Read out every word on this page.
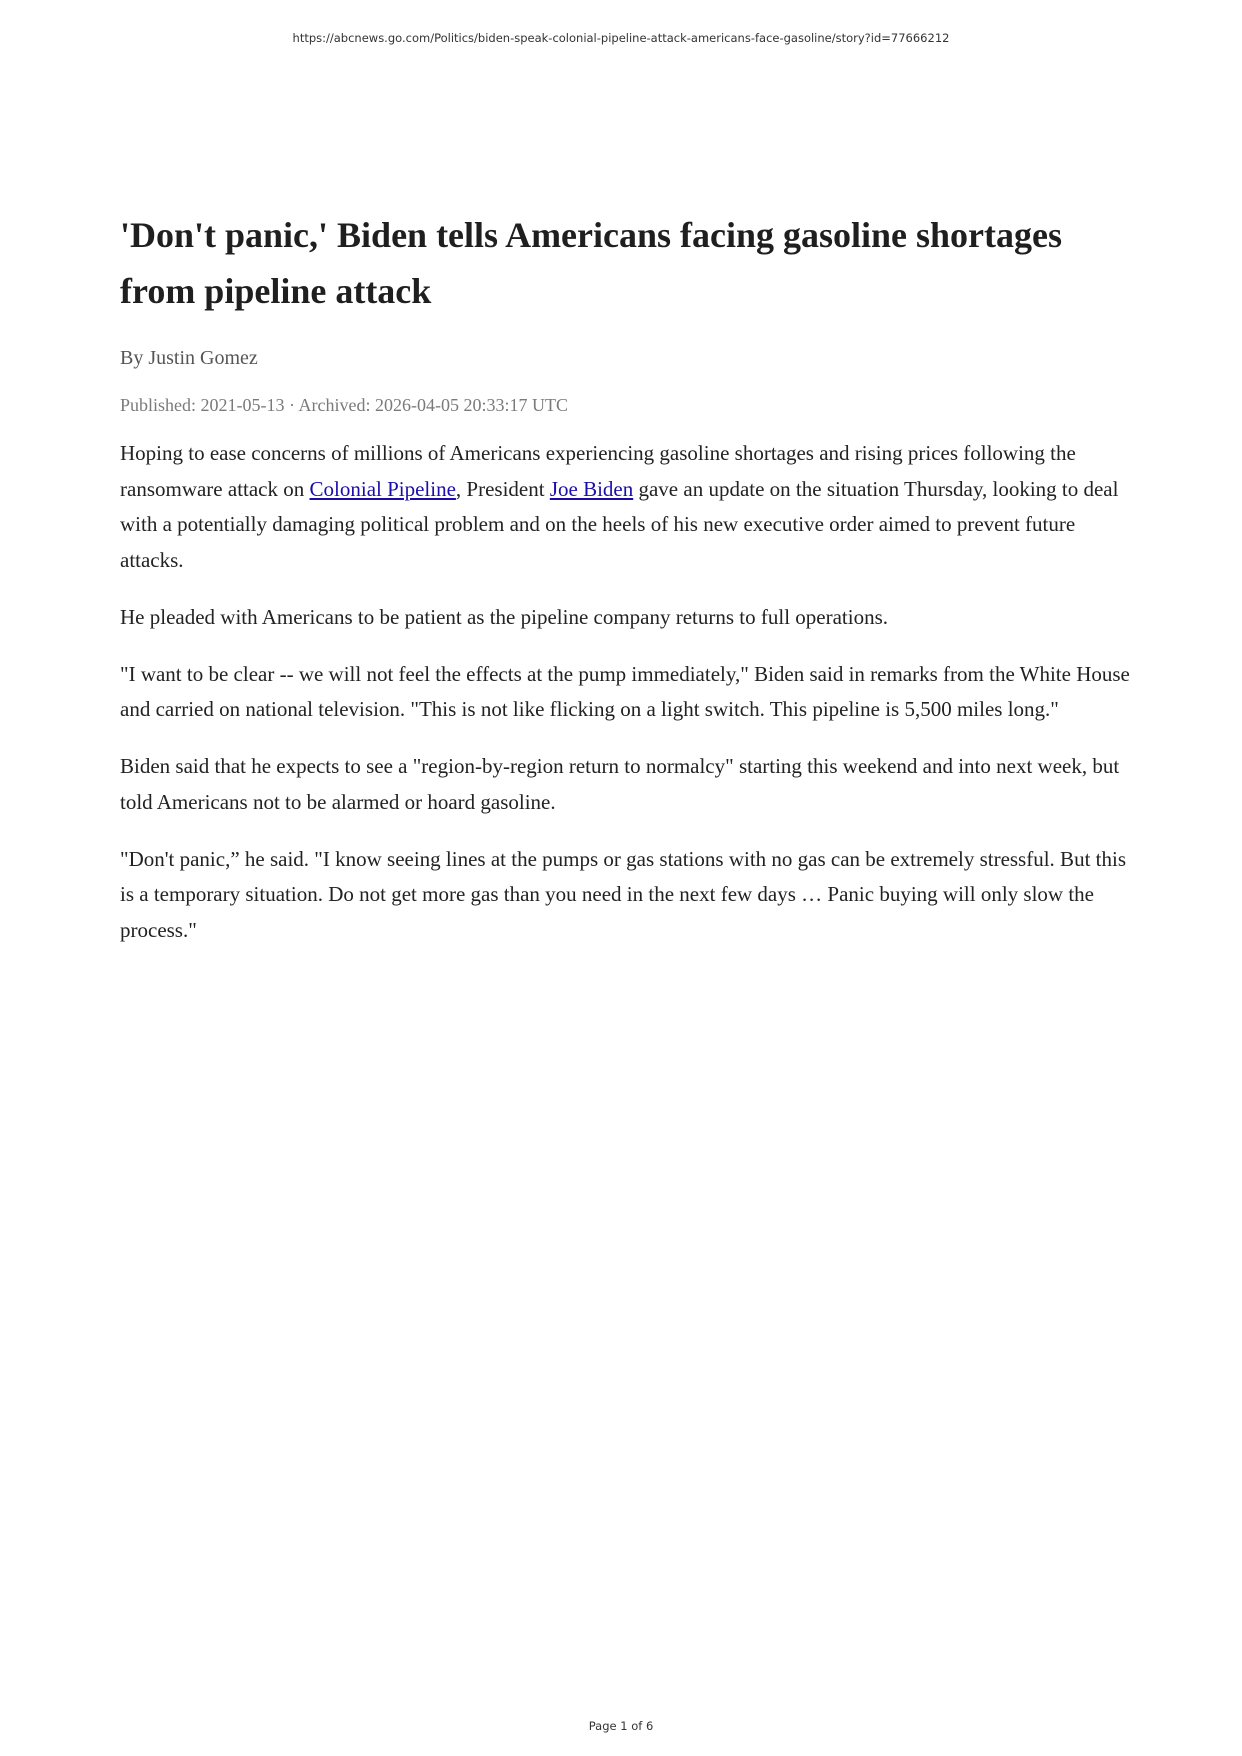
https://abcnews.go.com/Politics/biden-speak-colonial-pipeline-attack-americans-face-gasoline/story?id=77666212
'Don't panic,' Biden tells Americans facing gasoline shortages from pipeline attack
By Justin Gomez
Published: 2021-05-13 · Archived: 2026-04-05 20:33:17 UTC

Hoping to ease concerns of millions of Americans experiencing gasoline shortages and rising prices following the ransomware attack on Colonial Pipeline, President Joe Biden gave an update on the situation Thursday, looking to deal with a potentially damaging political problem and on the heels of his new executive order aimed to prevent future attacks.

He pleaded with Americans to be patient as the pipeline company returns to full operations.

"I want to be clear -- we will not feel the effects at the pump immediately," Biden said in remarks from the White House and carried on national television. "This is not like flicking on a light switch. This pipeline is 5,500 miles long."

Biden said that he expects to see a "region-by-region return to normalcy" starting this weekend and into next week, but told Americans not to be alarmed or hoard gasoline.

"Don't panic,” he said. "I know seeing lines at the pumps or gas stations with no gas can be extremely stressful. But this is a temporary situation. Do not get more gas than you need in the next few days … Panic buying will only slow the process."

Page 1 of 6
